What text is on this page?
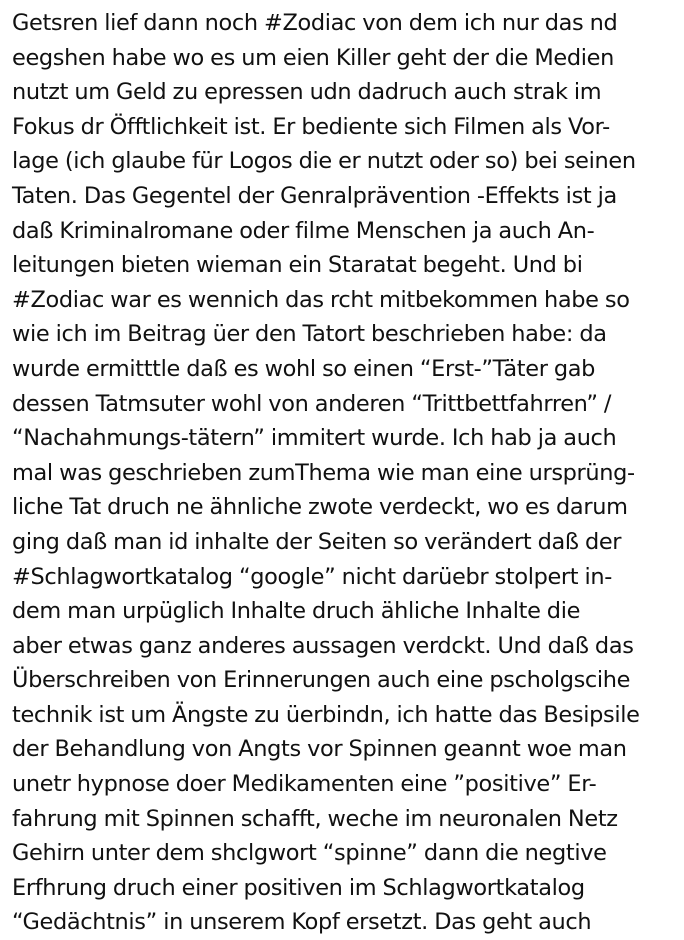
Getsren lief dann noch #Zodiac von dem ich nur das nd
eegshen habe wo es um eien Killer geht der die Medien
nutzt um Geld zu epressen udn dadruch auch strak im
Fokus dr Öfftlichkeit ist. Er bediente sich Filmen als Vor-
lage (ich glaube für Logos die er nutzt oder so) bei seinen
Taten. Das Gegentel der Genralprävention -Effekts ist ja
daß Kriminalromane oder filme Menschen ja auch An-
leitungen bieten wieman ein Staratat begeht. Und bi
#Zodiac war es wennich das rcht mitbekommen habe so
wie ich im Beitrag üer den Tatort beschrieben habe: da
wurde ermitttle daß es wohl so einen “Erst-”Täter gab
dessen Tatmsuter wohl von anderen “Trittbettfahrren” /
“Nachahmungs-tätern” immitert wurde. Ich hab ja auch
mal was geschrieben zumThema wie man eine ursprüng-
liche Tat druch ne ähnliche zwote verdeckt, wo es darum
ging daß man id inhalte der Seiten so verändert daß der
#Schlagwortkatalog “google” nicht darüebr stolpert in-
dem man urpüglich Inhalte druch ähliche Inhalte die
aber etwas ganz anderes aussagen verdckt. Und daß das
Überschreiben von Erinnerungen auch eine pscholgscihe
technik ist um Ängste zu üerbindn, ich hatte das Besipsile
der Behandlung von Angts vor Spinnen geannt woe man
unetr hypnose doer Medikamenten eine ”positive” Er-
fahrung mit Spinnen schafft, weche im neuronalen Netz
Gehirn unter dem shclgwort “spinne” dann die negtive
Erfhrung druch einer positiven im Schlagwortkatalog
“Gedächtnis” in unserem Kopf ersetzt. Das geht auch
